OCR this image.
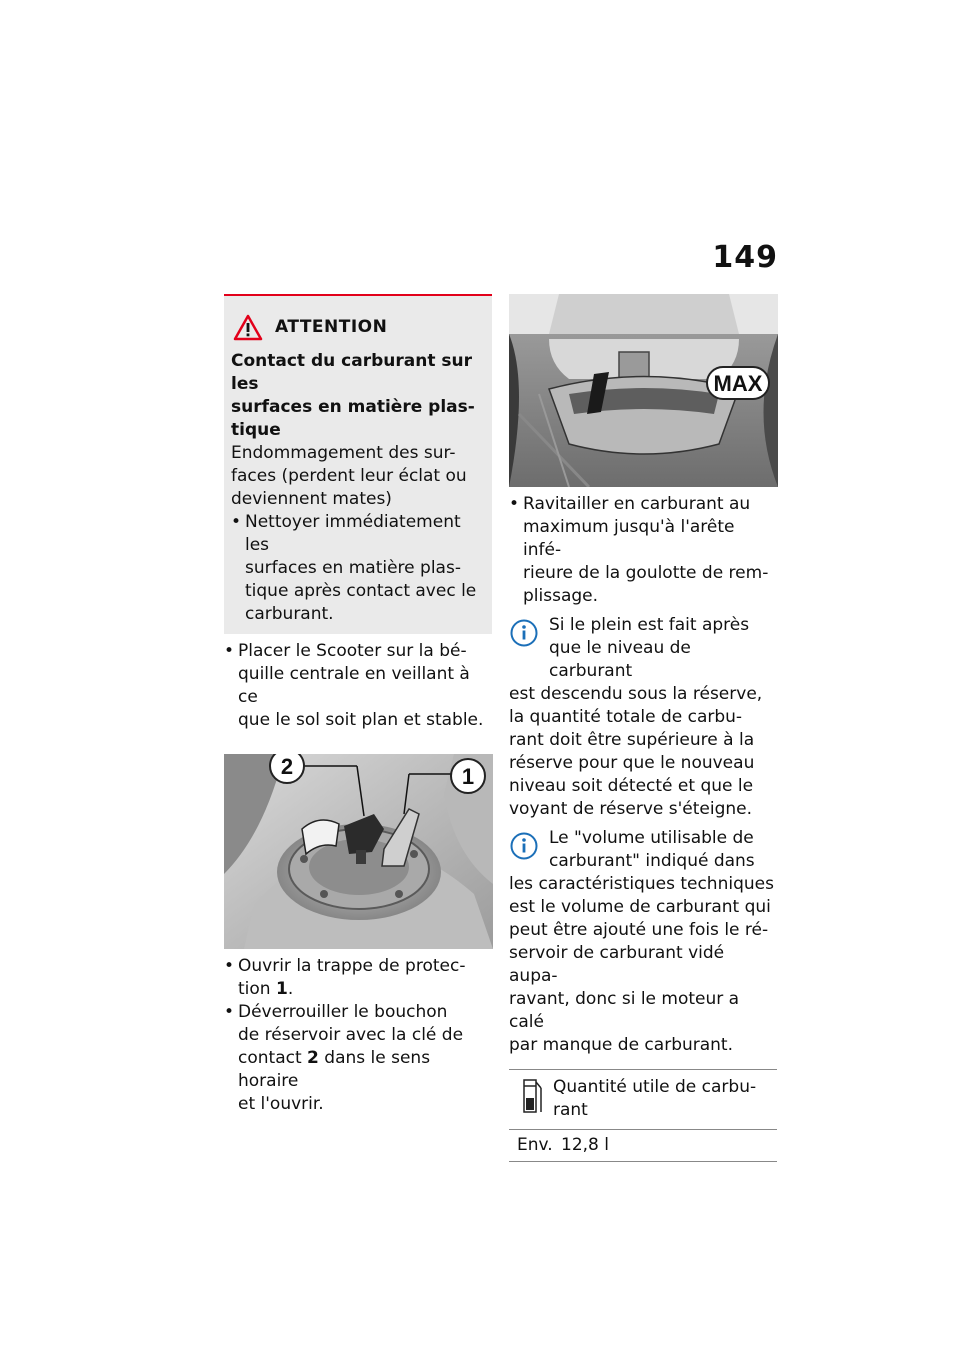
149
ATTENTION
Contact du carburant sur les
surfaces en matière plas-
tique
Endommagement des sur-
faces (perdent leur éclat ou
deviennent mates)
• Nettoyer immédiatement les
surfaces en matière plas-
tique après contact avec le
carburant.
• Placer le Scooter sur la bé-
quille centrale en veillant à ce
que le sol soit plan et stable.
1
2
• Ouvrir la trappe de protec-
tion 1.
• Déverrouiller le bouchon
de réservoir avec la clé de
contact 2 dans le sens horaire
et l'ouvrir.
MAX
• Ravitailler en carburant au
maximum jusqu'à l'arête infé-
rieure de la goulotte de rem-
plissage.
Si le plein est fait après
que le niveau de carburant
est descendu sous la réserve,
la quantité totale de carbu-
rant doit être supérieure à la
réserve pour que le nouveau
niveau soit détecté et que le
voyant de réserve s'éteigne.
Le "volume utilisable de
carburant" indiqué dans
les caractéristiques techniques
est le volume de carburant qui
peut être ajouté une fois le ré-
servoir de carburant vidé aupa-
ravant, donc si le moteur a calé
par manque de carburant.

Quantité utile de carbu-
rant

Env.	12,8 l
